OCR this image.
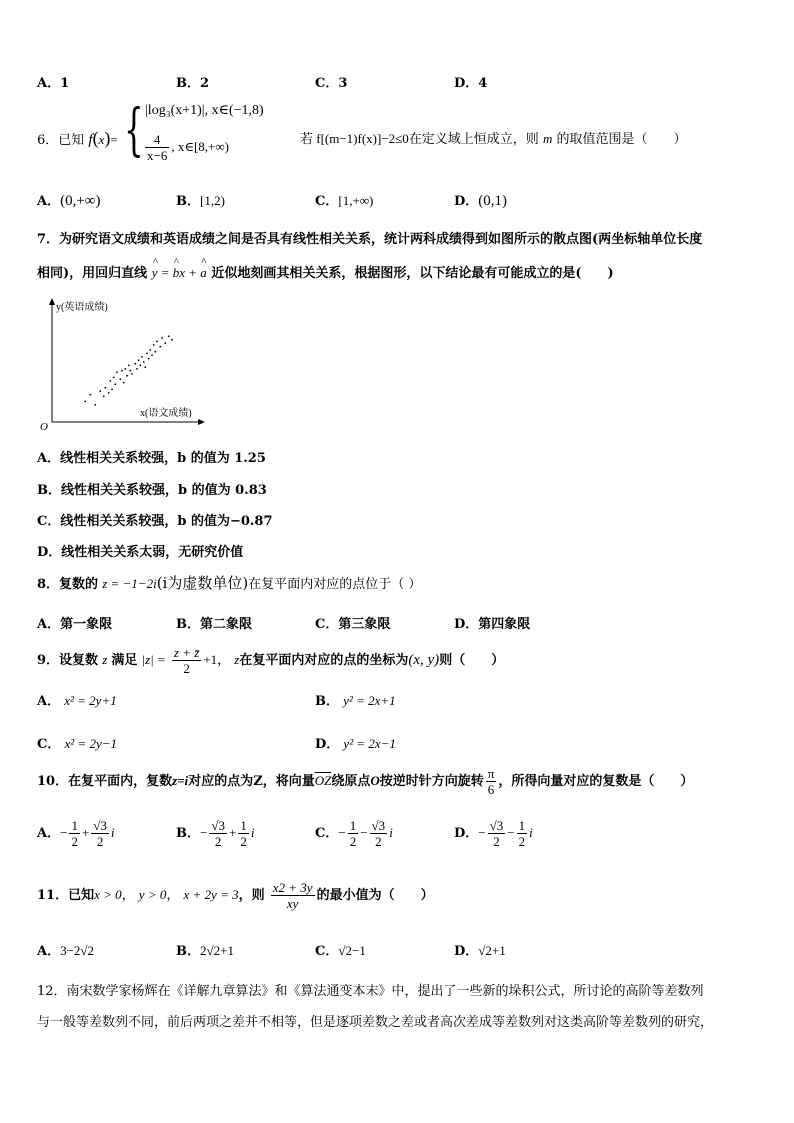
A．1	B．2	C．3	D．4
6．已知 f(x)= { |log₃(x+1)|, x∈(−1,8)
$\frac{4}{x-6}$ , x∈[8,+∞)
若 f[(m−1)f(x)]−2≤0在定义域上恒成立，则 m 的取值范围是（　　）
A．(0,+∞)	B．[1,2)	C．[1,+∞)	D．(0,1)
7．为研究语文成绩和英语成绩之间是否具有线性相关关系，统计两科成绩得到如图所示的散点图(两坐标轴单位长度
相同)，用回归直线 ^ y = ^ bx + ^ a 近似地刻画其相关关系，根据图形，以下结论最有可能成立的是(　　)
y(英语成绩)
x(语文成绩)
O
A．线性相关关系较强，b 的值为 1.25
B．线性相关关系较强，b 的值为 0.83
C．线性相关关系较强，b 的值为−0.87
D．线性相关关系太弱，无研究价值
8．复数的 z = −1−2i(i为虚数单位)在复平面内对应的点位于（ ）
A．第一象限	B．第二象限	C．第三象限	D．第四象限
9．设复数 z 满足 $|z| = \frac{z + z̄}{2} +1$， z在复平面内对应的点的坐标为(x, y)则（　　）
A． x² = 2y+1	B． y² = 2x+1
C． x² = 2y−1	D． y² = 2x−1
10．在复平面内，复数z=i对应的点为Z，将向量$\overline{OZ}$绕原点O按逆时针方向旋转 $\frac{\pi}{6}$ ，所得向量对应的复数是（　　）
A．− $\frac{1}{2} + \frac{√3}{2}$ i	B．− $\frac{√3}{2} + \frac{1}{2}$ i	C．− $\frac{1}{2} - \frac{√3}{2}$ i	D．− $\frac{√3}{2} - \frac{1}{2}$ i
11．已知x > 0， y > 0， x + 2y = 3，则 $\frac{x2 + 3y}{xy}$ 的最小值为（　　）
A．3−2√2	B．2√2+1	C．√2−1	D．√2+1
12．南宋数学家杨辉在《详解九章算法》和《算法通变本末》中，提出了一些新的垛积公式，所讨论的高阶等差数列
与一般等差数列不同，前后两项之差并不相等，但是逐项差数之差或者高次差成等差数列对这类高阶等差数列的研究，
